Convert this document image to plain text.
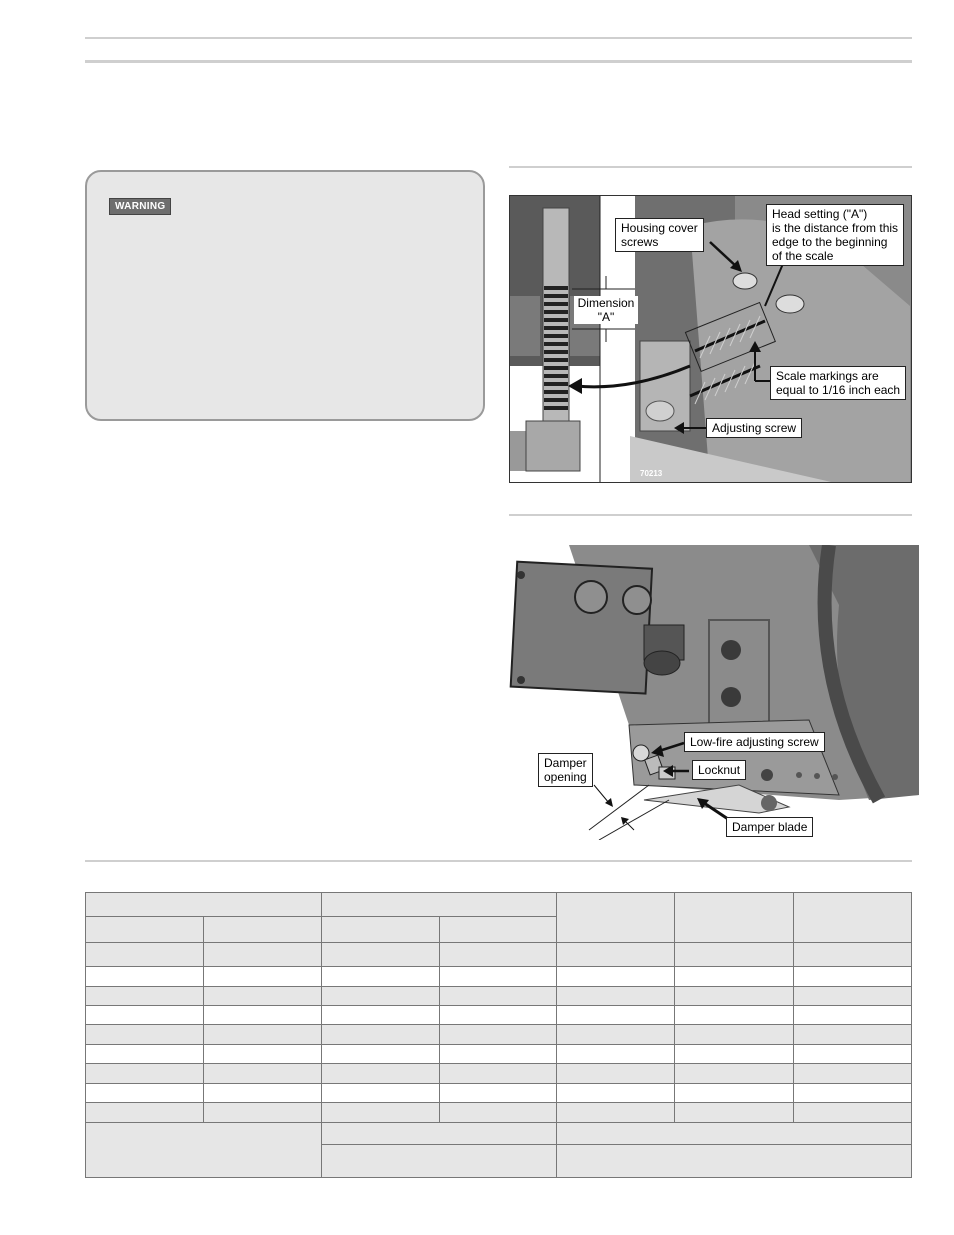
WARNING
Dimension
"A"
Housing cover
screws
Head setting ("A")
is the distance from this
edge to the beginning
of the scale
Scale markings are
equal to 1/16 inch each
Adjusting screw
70213
Low-fire adjusting screw
Locknut
Damper
opening
Damper blade	70215
